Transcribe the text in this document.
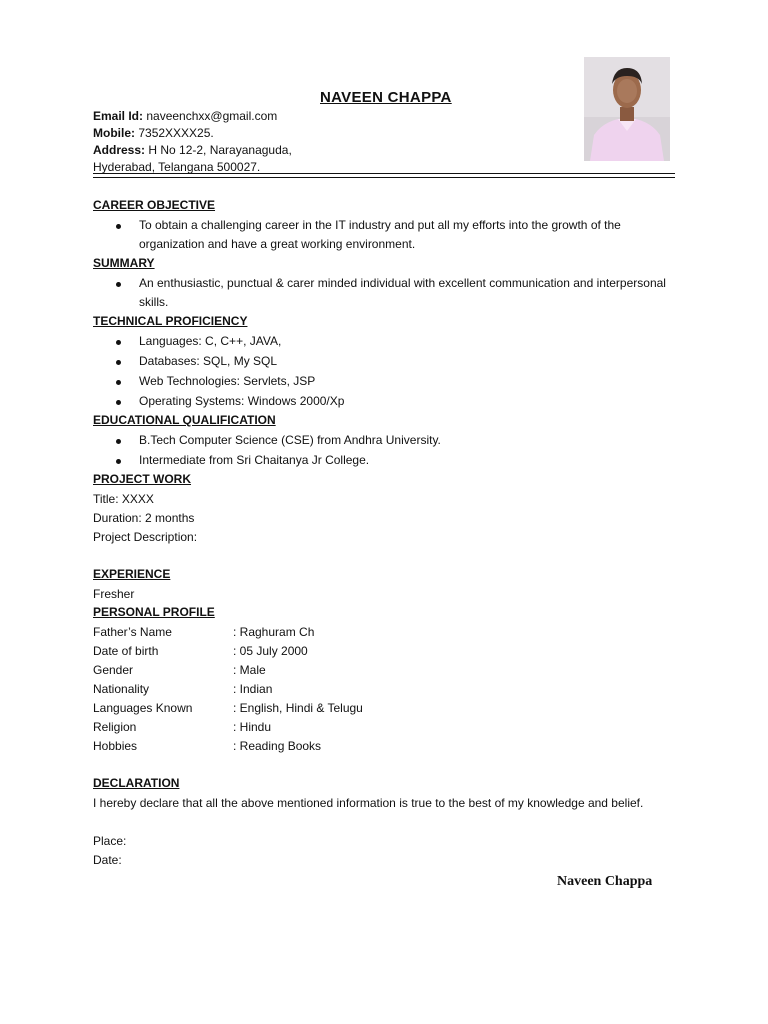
NAVEEN CHAPPA
Email Id: naveenchxx@gmail.com
Mobile: 7352XXXX25.
Address: H No 12-2, Narayanaguda,
Hyderabad, Telangana 500027.
CAREER OBJECTIVE
To obtain a challenging career in the IT industry and put all my efforts into the growth of the organization and have a great working environment.
SUMMARY
An enthusiastic, punctual & carer minded individual with excellent communication and interpersonal skills.
TECHNICAL PROFICIENCY
Languages: C, C++, JAVA,
Databases: SQL, My SQL
Web Technologies: Servlets, JSP
Operating Systems: Windows 2000/Xp
EDUCATIONAL QUALIFICATION
B.Tech Computer Science (CSE) from Andhra University.
Intermediate from Sri Chaitanya Jr College.
PROJECT WORK
Title: XXXX
Duration: 2 months
Project Description:
EXPERIENCE
Fresher
PERSONAL PROFILE
Father’s Name	: Raghuram Ch
Date of birth	: 05 July 2000
Gender	: Male
Nationality	: Indian
Languages Known	: English, Hindi & Telugu
Religion	: Hindu
Hobbies	: Reading Books
DECLARATION
I hereby declare that all the above mentioned information is true to the best of my knowledge and belief.
Place:
Date:
Naveen Chappa
